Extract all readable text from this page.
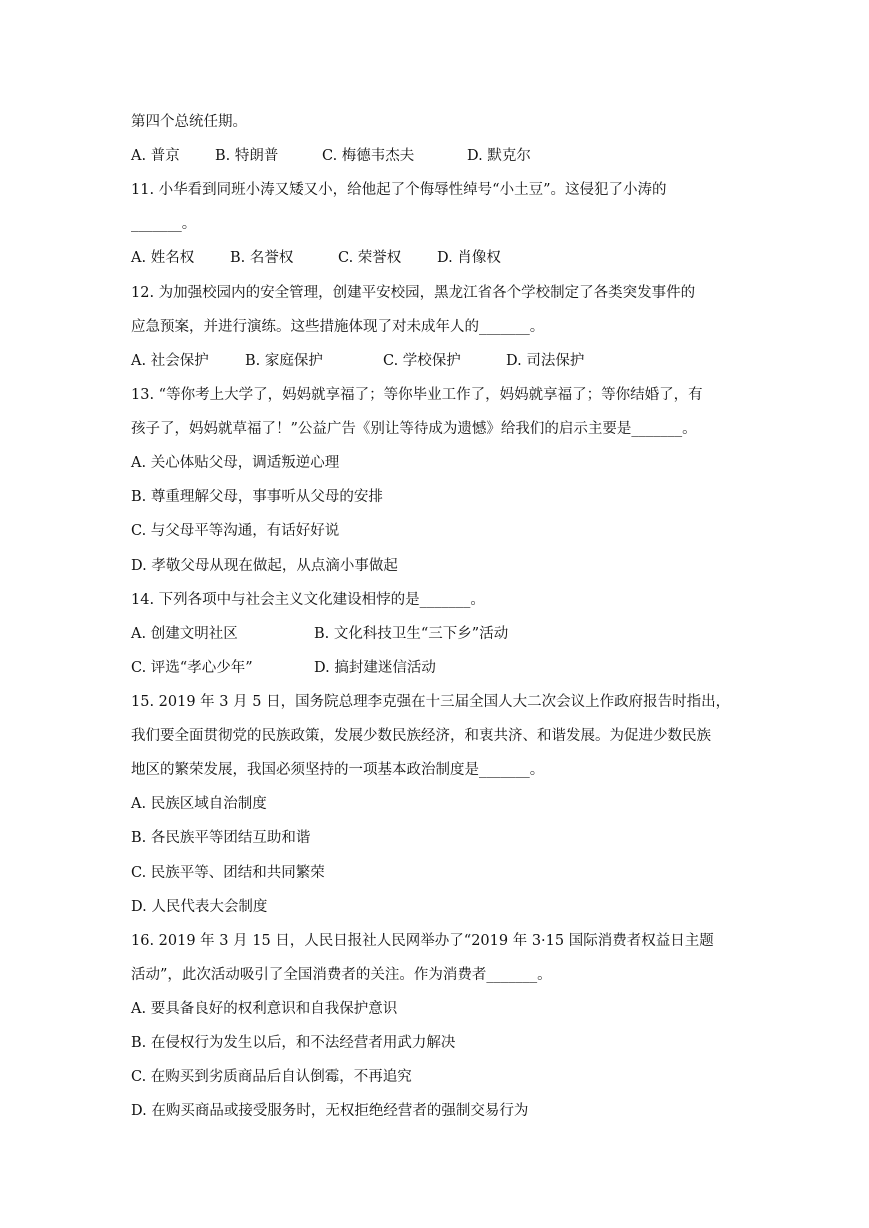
第四个总统任期。

A. 普京 B. 特朗普	C. 梅德韦杰夫	D. 默克尔

11. 小华看到同班小涛又矮又小，给他起了个侮辱性绰号“小土豆”。这侵犯了小涛的

_______。

A. 姓名权 B. 名誉权	C. 荣誉权 D. 肖像权

12. 为加强校园内的安全管理，创建平安校园，黑龙江省各个学校制定了各类突发事件的

应急预案，并进行演练。这些措施体现了对未成年人的_______。

A. 社会保护	B. 家庭保护	C. 学校保护	D. 司法保护

13. “等你考上大学了，妈妈就享福了；等你毕业工作了，妈妈就享福了；等你结婚了，有

孩子了，妈妈就草福了！”公益广告《别让等待成为遗憾》给我们的启示主要是_______。

A. 关心体贴父母，调适叛逆心理

B. 尊重理解父母，事事听从父母的安排

C. 与父母平等沟通，有话好好说

D. 孝敬父母从现在做起，从点滴小事做起

14. 下列各项中与社会主义文化建设相悖的是_______。

A. 创建文明社区	B. 文化科技卫生“三下乡”活动
C. 评选“孝心少年”	D. 搞封建迷信活动

15. 2019 年 3 月 5 日，国务院总理李克强在十三届全国人大二次会议上作政府报告时指出，

我们要全面贯彻党的民族政策，发展少数民族经济，和衷共济、和谐发展。为促进少数民族

地区的繁荣发展，我国必须坚持的一项基本政治制度是_______。

A. 民族区域自治制度

B. 各民族平等团结互助和谐

C. 民族平等、团结和共同繁荣

D. 人民代表大会制度

16. 2019 年 3 月 15 日，人民日报社人民网举办了“2019 年 3·15 国际消费者权益日主题

活动”，此次活动吸引了全国消费者的关注。作为消费者_______。

A. 要具备良好的权利意识和自我保护意识

B. 在侵权行为发生以后，和不法经营者用武力解决

C. 在购买到劣质商品后自认倒霉，不再追究

D. 在购买商品或接受服务时，无权拒绝经营者的强制交易行为
